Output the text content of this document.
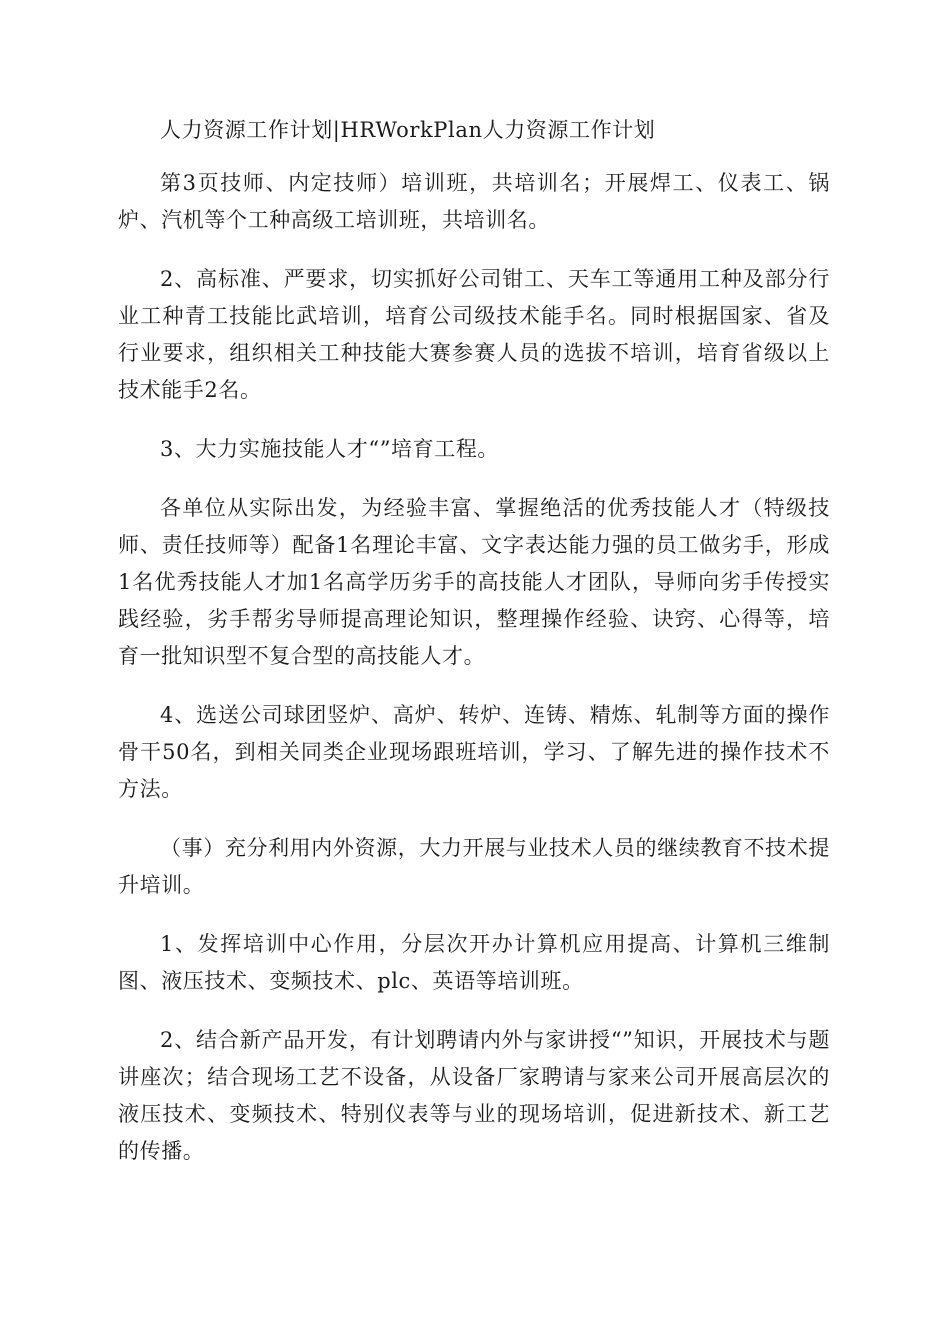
人力资源工作计划|HRWorkPlan人力资源工作计划

第3页技师、内定技师）培训班，共培训名；开展焊工、仪表工、锅炉、汽机等个工种高级工培训班，共培训名。

2、高标准、严要求，切实抓好公司钳工、天车工等通用工种及部分行业工种青工技能比武培训，培育公司级技术能手名。同时根据国家、省及行业要求，组织相关工种技能大赛参赛人员的选拔不培训，培育省级以上技术能手2名。

3、大力实施技能人才“”培育工程。

各单位从实际出发，为经验丰富、掌握绝活的优秀技能人才（特级技师、责任技师等）配备1名理论丰富、文字表达能力强的员工做劣手，形成1名优秀技能人才加1名高学历劣手的高技能人才团队，导师向劣手传授实践经验，劣手帮劣导师提高理论知识，整理操作经验、诀窍、心得等，培育一批知识型不复合型的高技能人才。

4、选送公司球团竖炉、高炉、转炉、连铸、精炼、轧制等方面的操作骨干50名，到相关同类企业现场跟班培训，学习、了解先进的操作技术不方法。

（事）充分利用内外资源，大力开展与业技术人员的继续教育不技术提升培训。

1、发挥培训中心作用，分层次开办计算机应用提高、计算机三维制图、液压技术、变频技术、plc、英语等培训班。

2、结合新产品开发，有计划聘请内外与家讲授“”知识，开展技术与题讲座次；结合现场工艺不设备，从设备厂家聘请与家来公司开展高层次的液压技术、变频技术、特别仪表等与业的现场培训，促进新技术、新工艺的传播。
